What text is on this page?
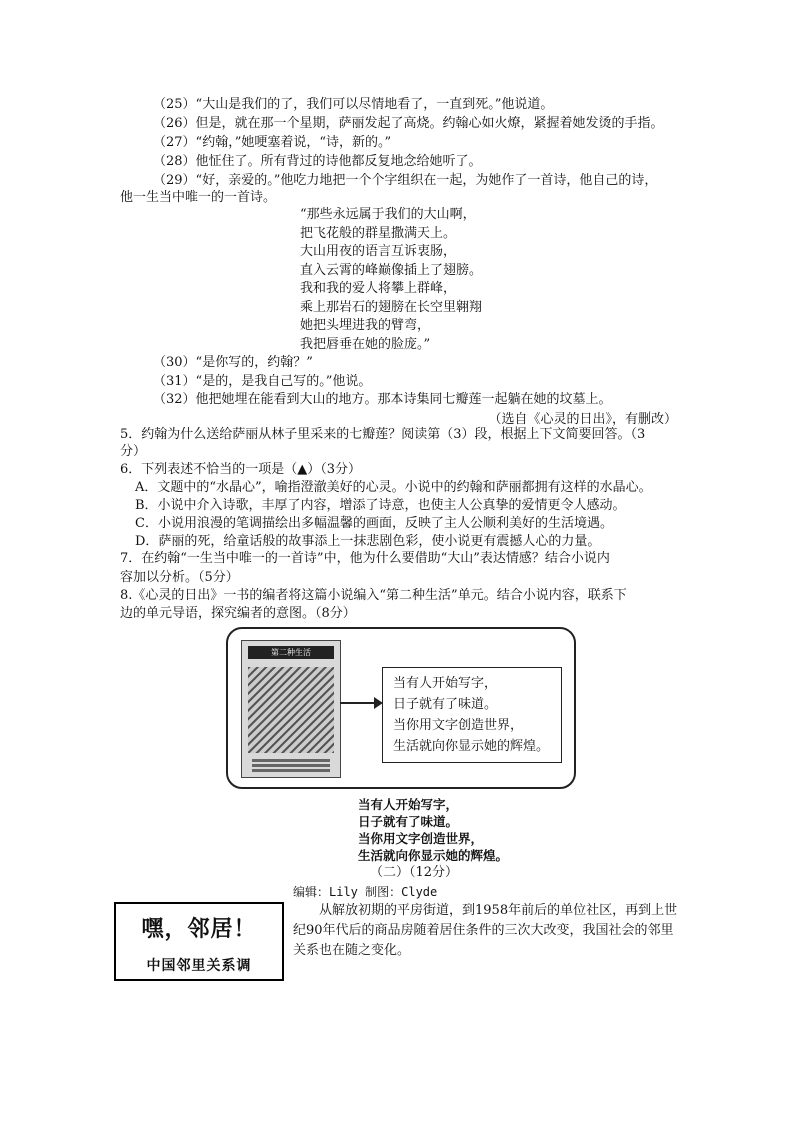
（25）“大山是我们的了，我们可以尽情地看了，一直到死。”他说道。
（26）但是，就在那一个星期，萨丽发起了高烧。约翰心如火燎，紧握着她发烫的手指。
（27）“约翰，”她哽塞着说，“诗，新的。”
（28）他怔住了。所有背过的诗他都反复地念给她听了。
（29）“好，亲爱的。”他吃力地把一个个字组织在一起，为她作了一首诗，他自己的诗，
他一生当中唯一的一首诗。
“那些永远属于我们的大山啊，
把飞花般的群星撒满天上。
大山用夜的语言互诉衷肠，
直入云霄的峰巅像插上了翅膀。
我和我的爱人将攀上群峰，
乘上那岩石的翅膀在长空里翱翔
她把头埋进我的臂弯，
我把唇垂在她的脸庞。”
（30）“是你写的，约翰？”
（31）“是的，是我自己写的。”他说。
（32）他把她埋在能看到大山的地方。那本诗集同七瓣莲一起躺在她的坟墓上。
（选自《心灵的日出》，有删改）
5．约翰为什么送给萨丽从林子里采来的七瓣莲？阅读第（3）段，根据上下文简要回答。（3
分）
6．下列表述不恰当的一项是（▲）（3分）
A．文题中的“水晶心”，喻指澄澈美好的心灵。小说中的约翰和萨丽都拥有这样的水晶心。
B．小说中介入诗歌，丰厚了内容，增添了诗意，也使主人公真挚的爱情更令人感动。
C．小说用浪漫的笔调描绘出多幅温馨的画面，反映了主人公顺利美好的生活境遇。
D．萨丽的死，给童话般的故事添上一抹悲剧色彩，使小说更有震撼人心的力量。
7．在约翰“一生当中唯一的一首诗”中，他为什么要借助“大山”表达情感？结合小说内
容加以分析。（5分）
8.《心灵的日出》一书的编者将这篇小说编入“第二种生活”单元。结合小说内容，联系下
边的单元导语，探究编者的意图。（8分）
第二种生活
当有人开始写字，
日子就有了味道。
当你用文字创造世界，
生活就向你显示她的辉煌。
当有人开始写字，
日子就有了味道。
当你用文字创造世界，
生活就向你显示她的辉煌。
（二）（12分）
编辑：Lily 制图：Clyde
嘿，邻居！
中国邻里关系调
从解放初期的平房街道，到1958年前后的单位社区，再到上世纪90年代后的商品房随着居住条件的三次大改变，我国社会的邻里关系也在随之变化。
